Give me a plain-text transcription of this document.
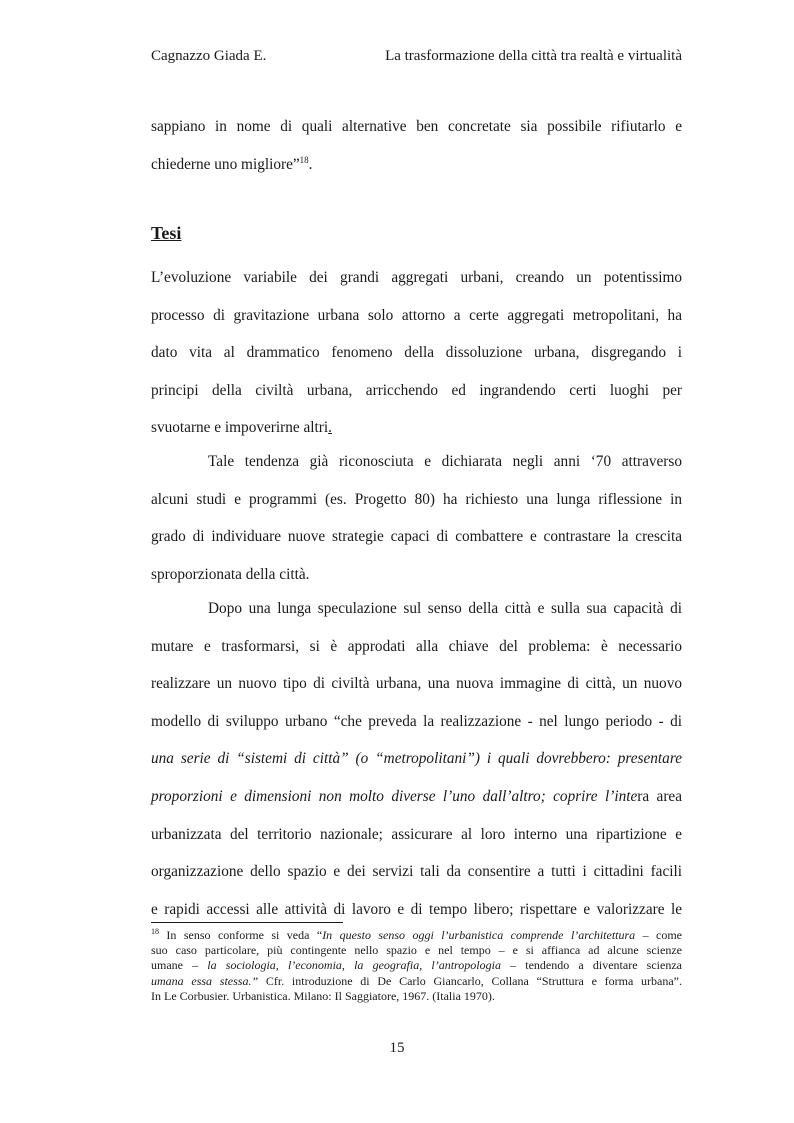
Cagnazzo Giada E.	La trasformazione della città tra realtà e virtualità
sappiano in nome di quali alternative ben concretate sia possibile rifiutarlo e
chiederne uno migliore”$^{18}$.
Tesi
L’evoluzione variabile dei grandi aggregati urbani, creando un potentissimo
processo di gravitazione urbana solo attorno a certe aggregati metropolitani, ha
dato vita al drammatico fenomeno della dissoluzione urbana, disgregando i
principi della civiltà urbana, arricchendo ed ingrandendo certi luoghi per
svuotarne e impoverirne altri.
Tale tendenza già riconosciuta e dichiarata negli anni ‘70 attraverso
alcuni studi e programmi (es. Progetto 80) ha richiesto una lunga riflessione in
grado di individuare nuove strategie capaci di combattere e contrastare la crescita
sproporzionata della città.
Dopo una lunga speculazione sul senso della città e sulla sua capacità di
mutare e trasformarsi, si è approdati alla chiave del problema: è necessario
realizzare un nuovo tipo di civiltà urbana, una nuova immagine di città, un nuovo
modello di sviluppo urbano “che preveda la realizzazione - nel lungo periodo - di
una serie di “sistemi di città” (o “metropolitani”) i quali dovrebbero: presentare
proporzioni e dimensioni non molto diverse l’uno dall’altro; coprire l’intera area
urbanizzata del territorio nazionale; assicurare al loro interno una ripartizione e
organizzazione dello spazio e dei servizi tali da consentire a tutti i cittadini facili
e rapidi accessi alle attività di lavoro e di tempo libero; rispettare e valorizzare le
$^{18}$ In senso conforme si veda “In questo senso oggi l’urbanistica comprende l’architettura – come
suo caso particolare, più contingente nello spazio e nel tempo – e si affianca ad alcune scienze
umane – la sociologia, l’economia, la geografia, l’antropologia – tendendo a diventare scienza
umana essa stessa.” Cfr. introduzione di De Carlo Giancarlo, Collana “Struttura e forma urbana”.
In Le Corbusier. Urbanistica. Milano: Il Saggiatore, 1967. (Italia 1970).
15
